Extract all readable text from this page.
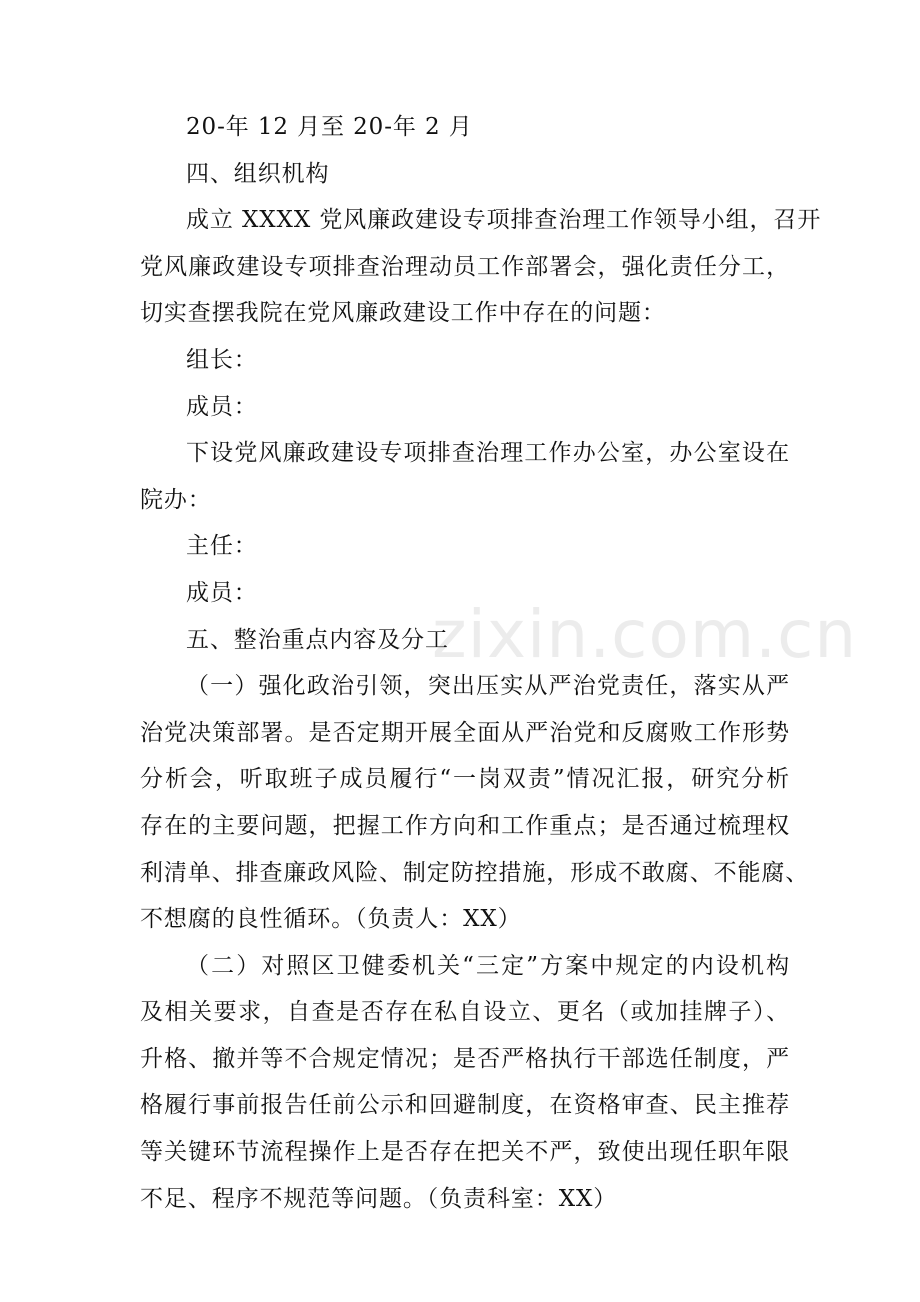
zixin.com.cn
20-年 12 月至 20-年 2 月
四、组织机构
成立 XXXX 党风廉政建设专项排查治理工作领导小组，召开
党风廉政建设专项排查治理动员工作部署会，强化责任分工，
切实查摆我院在党风廉政建设工作中存在的问题：
组长：
成员：
下设党风廉政建设专项排查治理工作办公室，办公室设在
院办：
主任：
成员：
五、整治重点内容及分工
（一）强化政治引领，突出压实从严治党责任，落实从严
治党决策部署。是否定期开展全面从严治党和反腐败工作形势
分析会，听取班子成员履行“一岗双责”情况汇报，研究分析
存在的主要问题，把握工作方向和工作重点；是否通过梳理权
利清单、排查廉政风险、制定防控措施，形成不敢腐、不能腐、
不想腐的良性循环。（负责人：XX）
（二）对照区卫健委机关“三定”方案中规定的内设机构
及相关要求，自查是否存在私自设立、更名（或加挂牌子）、
升格、撤并等不合规定情况；是否严格执行干部选任制度，严
格履行事前报告任前公示和回避制度，在资格审查、民主推荐
等关键环节流程操作上是否存在把关不严，致使出现任职年限
不足、程序不规范等问题。（负责科室：XX）
